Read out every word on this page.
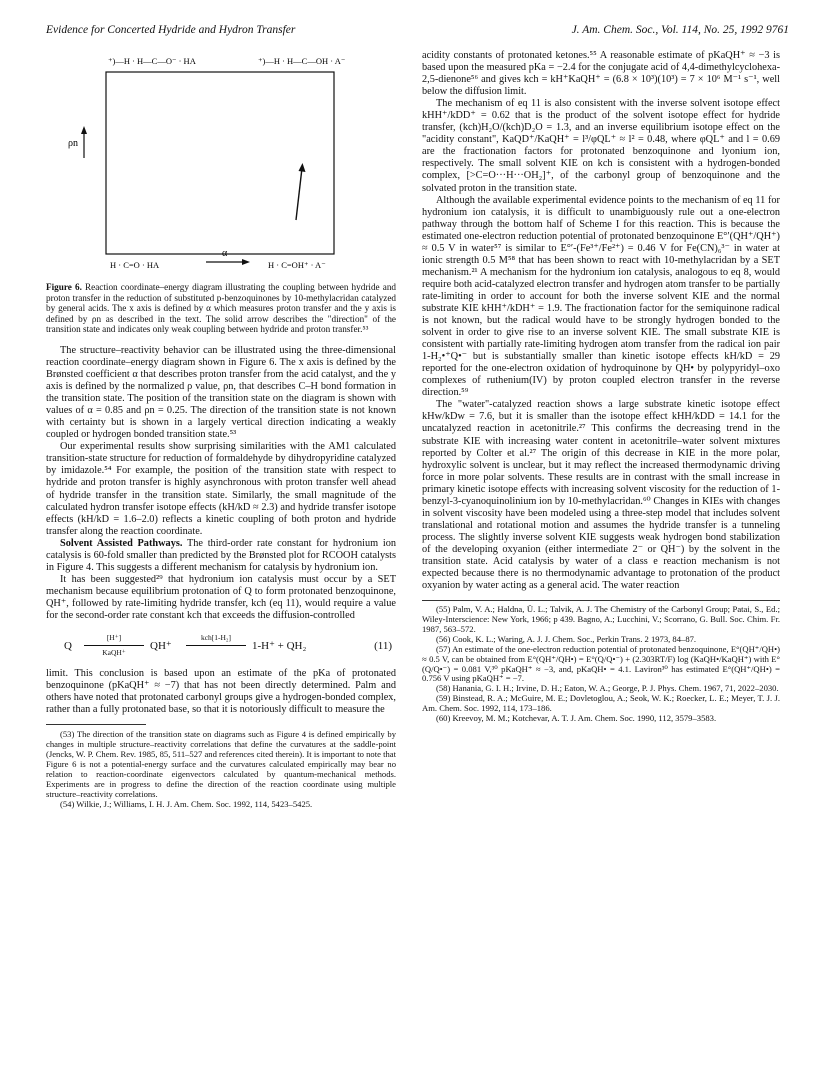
Evidence for Concerted Hydride and Hydron Transfer	J. Am. Chem. Soc., Vol. 114, No. 25, 1992 9761
⁺)—H · H—C—O⁻ · HA	⁺)—H · H—C—OH · A⁻
H · C=O · HA	H · C=OH⁺ · A⁻
ρn
α
Figure 6. Reaction coordinate–energy diagram illustrating the coupling between hydride and proton transfer in the reduction of substituted p-benzoquinones by 10-methylacridan catalyzed by general acids. The x axis is defined by α which measures proton transfer and the y axis is defined by ρn as described in the text. The solid arrow describes the "direction" of the transition state and indicates only weak coupling between hydride and proton transfer.⁵³

The structure–reactivity behavior can be illustrated using the three-dimensional reaction coordinate–energy diagram shown in Figure 6. The x axis is defined by the Brønsted coefficient α that describes proton transfer from the acid catalyst, and the y axis is defined by the normalized ρ value, ρn, that describes C–H bond formation in the transition state. The position of the transition state on the diagram is shown with values of α = 0.85 and ρn = 0.25. The direction of the transition state is not known with certainty but is shown in a largely vertical direction indicating a weakly coupled or hydrogen bonded transition state.⁵³

Our experimental results show surprising similarities with the AM1 calculated transition-state structure for reduction of formaldehyde by dihydropyridine catalyzed by imidazole.⁵⁴ For example, the position of the transition state with respect to hydride and proton transfer is highly asynchronous with proton transfer well ahead of hydride transfer in the transition state. Similarly, the small magnitude of the calculated hydron transfer isotope effects (kH/kD ≈ 2.3) and hydride transfer isotope effects (kH/kD = 1.6–2.0) reflects a kinetic coupling of both proton and hydride transfer along the reaction coordinate.

Solvent Assisted Pathways. The third-order rate constant for hydronium ion catalysis is 60-fold smaller than predicted by the Brønsted plot for RCOOH catalysts in Figure 4. This suggests a different mechanism for catalysis by hydronium ion.

It has been suggested²⁹ that hydronium ion catalysis must occur by a SET mechanism because equilibrium protonation of Q to form protonated benzoquinone, QH⁺, followed by rate-limiting hydride transfer, kch (eq 11), would require a value for the second-order rate constant kch that exceeds the diffusion-controlled

Q
[H⁺]
KaQH⁺
QH⁺
kch[1-H₂]
1-H⁺ + QH₂	(11)

limit. This conclusion is based upon an estimate of the pKa of protonated benzoquinone (pKaQH⁺ ≈ −7) that has not been directly determined. Palm and others have noted that protonated carbonyl groups give a hydrogen-bonded complex, rather than a fully protonated base, so that it is notoriously difficult to measure the

(53) The direction of the transition state on diagrams such as Figure 4 is defined empirically by changes in multiple structure–reactivity correlations that define the curvatures at the saddle-point (Jencks, W. P. Chem. Rev. 1985, 85, 511–527 and references cited therein). It is important to note that Figure 6 is not a potential-energy surface and the curvatures calculated empirically may bear no relation to reaction-coordinate eigenvectors calculated by quantum-mechanical methods. Experiments are in progress to define the direction of the reaction coordinate using multiple structure–reactivity correlations.

(54) Wilkie, J.; Williams, I. H. J. Am. Chem. Soc. 1992, 114, 5423–5425.

acidity constants of protonated ketones.⁵⁵ A reasonable estimate of pKaQH⁺ ≈ −3 is based upon the measured pKa = −2.4 for the conjugate acid of 4,4-dimethylcyclohexa-2,5-dienone⁵⁶ and gives kch = kH⁺KaQH⁺ = (6.8 × 10³)(10³) = 7 × 10⁶ M⁻¹ s⁻¹, well below the diffusion limit.

The mechanism of eq 11 is also consistent with the inverse solvent isotope effect kHH⁺/kDD⁺ = 0.62 that is the product of the solvent isotope effect for hydride transfer, (kch)H₂O/(kch)D₂O = 1.3, and an inverse equilibrium isotope effect on the "acidity constant", KaQD⁺/KaQH⁺ = l³/φQL⁺ ≈ l² = 0.48, where φQL⁺ and l = 0.69 are the fractionation factors for protonated benzoquinone and lyonium ion, respectively. The small solvent KIE on kch is consistent with a hydrogen-bonded complex, [>C=O···H···OH₂]⁺, of the carbonyl group of benzoquinone and the solvated proton in the transition state.

Although the available experimental evidence points to the mechanism of eq 11 for hydronium ion catalysis, it is difficult to unambiguously rule out a one-electron pathway through the bottom half of Scheme I for this reaction. This is because the estimated one-electron reduction potential of protonated benzoquinone E°′(QH⁺/QH⁺) ≈ 0.5 V in water⁵⁷ is similar to E°′-(Fe³⁺/Fe²⁺) = 0.46 V for Fe(CN)₆³⁻ in water at ionic strength 0.5 M⁵⁸ that has been shown to react with 10-methylacridan by a SET mechanism.²¹ A mechanism for the hydronium ion catalysis, analogous to eq 8, would require both acid-catalyzed electron transfer and hydrogen atom transfer to be partially rate-limiting in order to account for both the inverse solvent KIE and the normal substrate KIE kHH⁺/kDH⁺ = 1.9. The fractionation factor for the semiquinone radical is not known, but the radical would have to be strongly hydrogen bonded to the solvent in order to give rise to an inverse solvent KIE. The small substrate KIE is consistent with partially rate-limiting hydrogen atom transfer from the radical ion pair 1-H₂•⁺Q•⁻ but is substantially smaller than kinetic isotope effects kH/kD = 29 reported for the one-electron oxidation of hydroquinone by QH• by polypyridyl–oxo complexes of ruthenium(IV) by proton coupled electron transfer in the reverse direction.⁵⁹

The "water"-catalyzed reaction shows a large substrate kinetic isotope effect kHw/kDw = 7.6, but it is smaller than the isotope effect kHH/kDD = 14.1 for the uncatalyzed reaction in acetonitrile.²⁷ This confirms the decreasing trend in the substrate KIE with increasing water content in acetonitrile–water solvent mixtures reported by Colter et al.²⁷ The origin of this decrease in KIE in the more polar, hydroxylic solvent is unclear, but it may reflect the increased thermodynamic driving force in more polar solvents. These results are in contrast with the small increase in primary kinetic isotope effects with increasing solvent viscosity for the reduction of 1-benzyl-3-cyanoquinolinium ion by 10-methylacridan.⁶⁰ Changes in KIEs with changes in solvent viscosity have been modeled using a three-step model that includes solvent translational and rotational motion and assumes the hydride transfer is a tunneling process. The slightly inverse solvent KIE suggests weak hydrogen bond stabilization of the developing oxyanion (either intermediate 2⁻ or QH⁻) by the solvent in the transition state. Acid catalysis by water of a class e reaction mechanism is not expected because there is no thermodynamic advantage to protonation of the product oxyanion by water acting as a general acid. The water reaction

(55) Palm, V. A.; Haldna, Ü. L.; Talvik, A. J. The Chemistry of the Carbonyl Group; Patai, S., Ed.; Wiley-Interscience: New York, 1966; p 439. Bagno, A.; Lucchini, V.; Scorrano, G. Bull. Soc. Chim. Fr. 1987, 563–572.

(56) Cook, K. L.; Waring, A. J. J. Chem. Soc., Perkin Trans. 2 1973, 84–87.

(57) An estimate of the one-electron reduction potential of protonated benzoquinone, E°(QH⁺/QH•) ≈ 0.5 V, can be obtained from E°(QH⁺/QH•) = E°(Q/Q•⁻) + (2.303RT/F) log (KaQH•/KaQH⁺) with E°(Q/Q•⁻) = 0.081 V,³⁰ pKaQH⁺ ≈ −3, and, pKaQH• = 4.1. Laviron³⁰ has estimated E°(QH⁺/QH•) = 0.756 V using pKaQH⁺ = −7.

(58) Hanania, G. I. H.; Irvine, D. H.; Eaton, W. A.; George, P. J. Phys. Chem. 1967, 71, 2022–2030.

(59) Binstead, R. A.; McGuire, M. E.; Dovletoglou, A.; Seok, W. K.; Roecker, L. E.; Meyer, T. J. J. Am. Chem. Soc. 1992, 114, 173–186.

(60) Kreevoy, M. M.; Kotchevar, A. T. J. Am. Chem. Soc. 1990, 112, 3579–3583.
